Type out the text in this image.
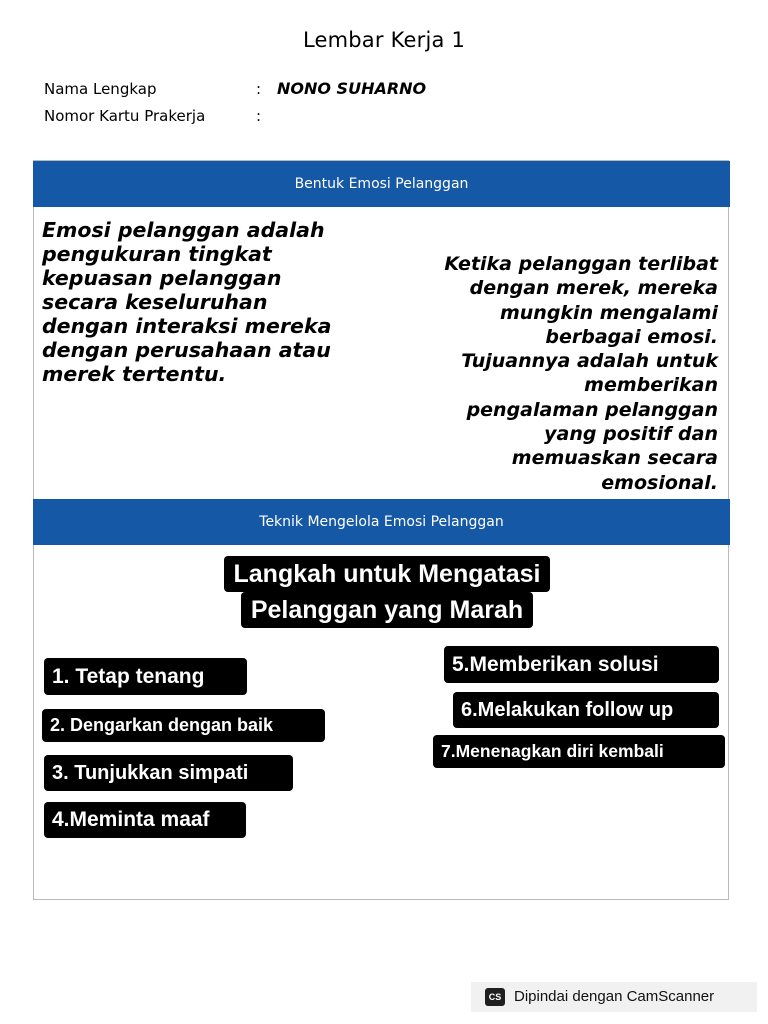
Lembar Kerja 1
Nama Lengkap	: NONO SUHARNO
Nomor Kartu Prakerja	:
Bentuk Emosi Pelanggan
Emosi pelanggan adalah
pengukuran tingkat
kepuasan pelanggan
secara keseluruhan
dengan interaksi mereka
dengan perusahaan atau
merek tertentu.
Ketika pelanggan terlibat
dengan merek, mereka
mungkin mengalami
berbagai emosi.
Tujuannya adalah untuk
memberikan
pengalaman pelanggan
yang positif dan
memuaskan secara
emosional.
Teknik Mengelola Emosi Pelanggan
Langkah untuk Mengatasi
Pelanggan yang Marah
1. Tetap tenang
2. Dengarkan dengan baik
3. Tunjukkan simpati
4.Meminta maaf
5.Memberikan solusi
6.Melakukan follow up
7.Menenagkan diri kembali
CS Dipindai dengan CamScanner
